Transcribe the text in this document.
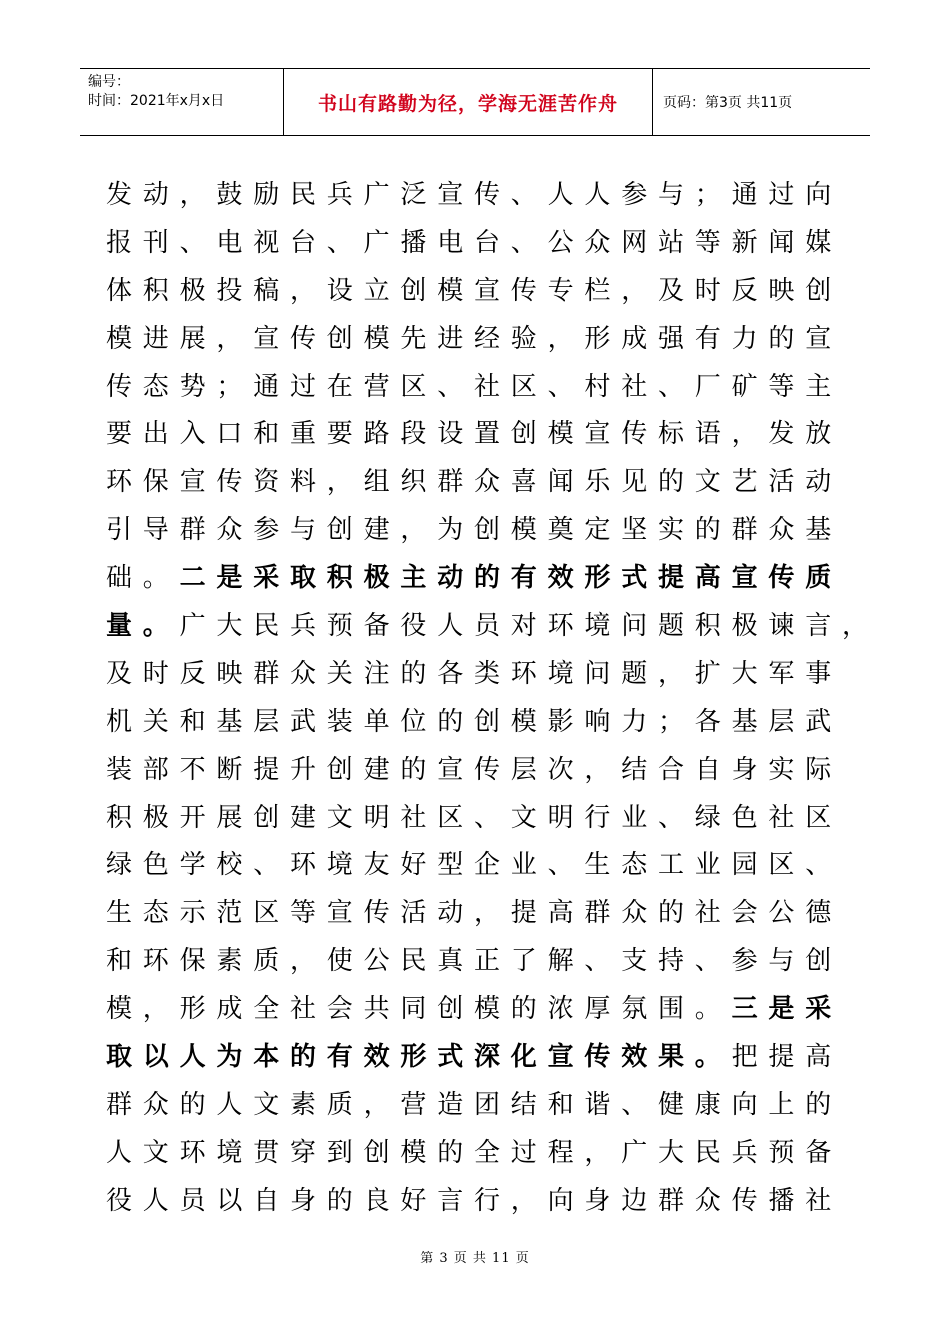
编号：
时间：2021年x月x日	书山有路勤为径，学海无涯苦作舟	页码：第3页 共11页
发动，鼓励民兵广泛宣传、人人参与；通过向
报刊、电视台、广播电台、公众网站等新闻媒
体积极投稿，设立创模宣传专栏，及时反映创
模进展，宣传创模先进经验，形成强有力的宣
传态势；通过在营区、社区、村社、厂矿等主
要出入口和重要路段设置创模宣传标语，发放
环保宣传资料，组织群众喜闻乐见的文艺活动
引导群众参与创建，为创模奠定坚实的群众基
础。二是采取积极主动的有效形式提高宣传质
量。广大民兵预备役人员对环境问题积极谏言，
及时反映群众关注的各类环境问题，扩大军事
机关和基层武装单位的创模影响力；各基层武
装部不断提升创建的宣传层次，结合自身实际
积极开展创建文明社区、文明行业、绿色社区
绿色学校、环境友好型企业、生态工业园区、
生态示范区等宣传活动，提高群众的社会公德
和环保素质，使公民真正了解、支持、参与创
模，形成全社会共同创模的浓厚氛围。三是采
取以人为本的有效形式深化宣传效果。把提高
群众的人文素质，营造团结和谐、健康向上的
人文环境贯穿到创模的全过程，广大民兵预备
役人员以自身的良好言行，向身边群众传播社
第 3 页 共 11 页
